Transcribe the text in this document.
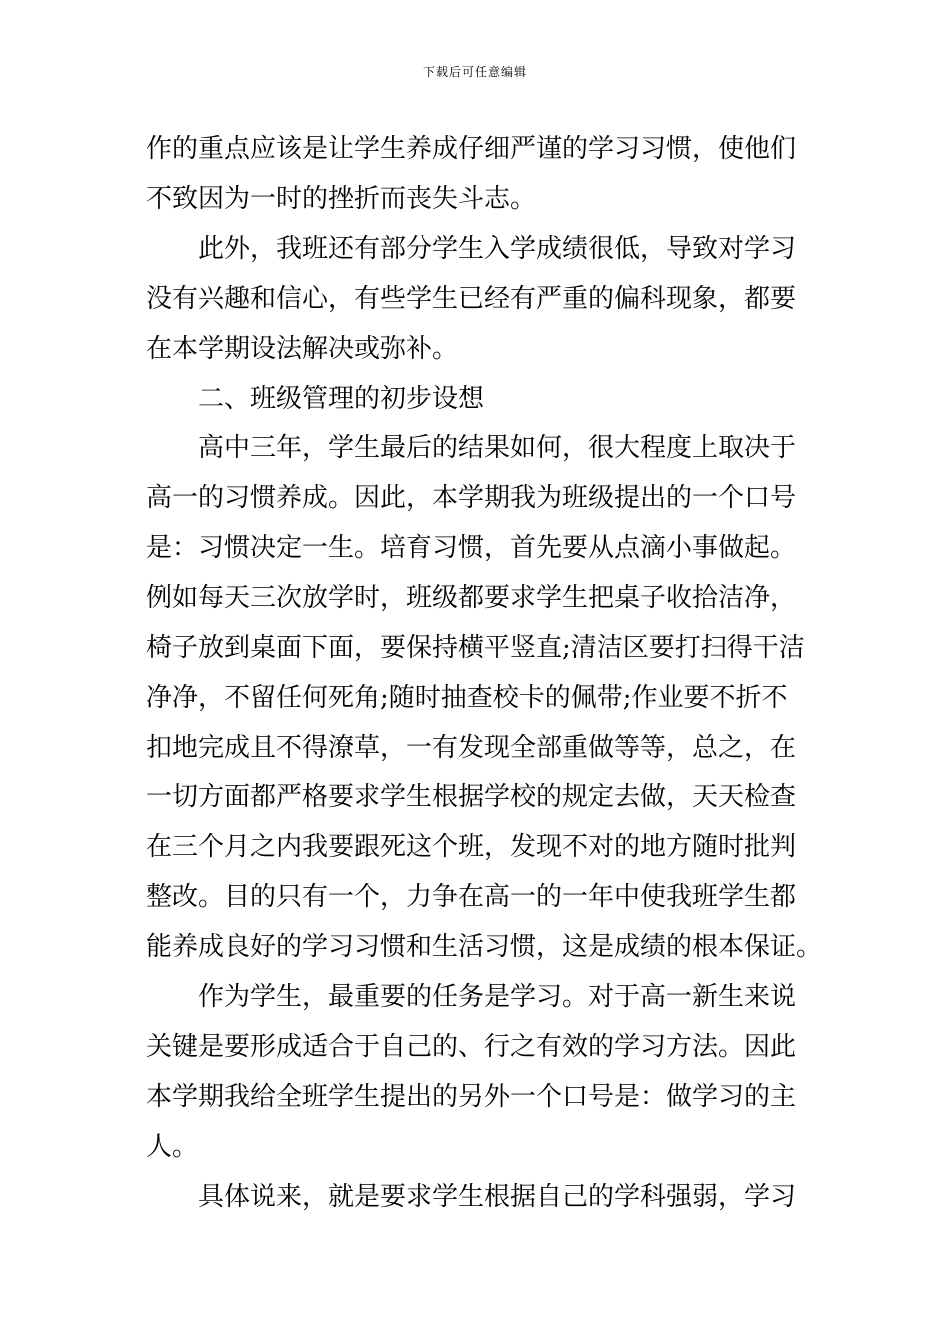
下载后可任意编辑
作的重点应该是让学生养成仔细严谨的学习习惯，使他们
不致因为一时的挫折而丧失斗志。
此外，我班还有部分学生入学成绩很低，导致对学习
没有兴趣和信心，有些学生已经有严重的偏科现象，都要
在本学期设法解决或弥补。
二、班级管理的初步设想
高中三年，学生最后的结果如何，很大程度上取决于
高一的习惯养成。因此，本学期我为班级提出的一个口号
是：习惯决定一生。培育习惯，首先要从点滴小事做起。
例如每天三次放学时，班级都要求学生把桌子收拾洁净，
椅子放到桌面下面，要保持横平竖直;清洁区要打扫得干洁
净净，不留任何死角;随时抽查校卡的佩带;作业要不折不
扣地完成且不得潦草，一有发现全部重做等等，总之，在
一切方面都严格要求学生根据学校的规定去做，天天检查
在三个月之内我要跟死这个班，发现不对的地方随时批判
整改。目的只有一个，力争在高一的一年中使我班学生都
能养成良好的学习习惯和生活习惯，这是成绩的根本保证。
作为学生，最重要的任务是学习。对于高一新生来说
关键是要形成适合于自己的、行之有效的学习方法。因此
本学期我给全班学生提出的另外一个口号是：做学习的主
人。
具体说来，就是要求学生根据自己的学科强弱，学习
